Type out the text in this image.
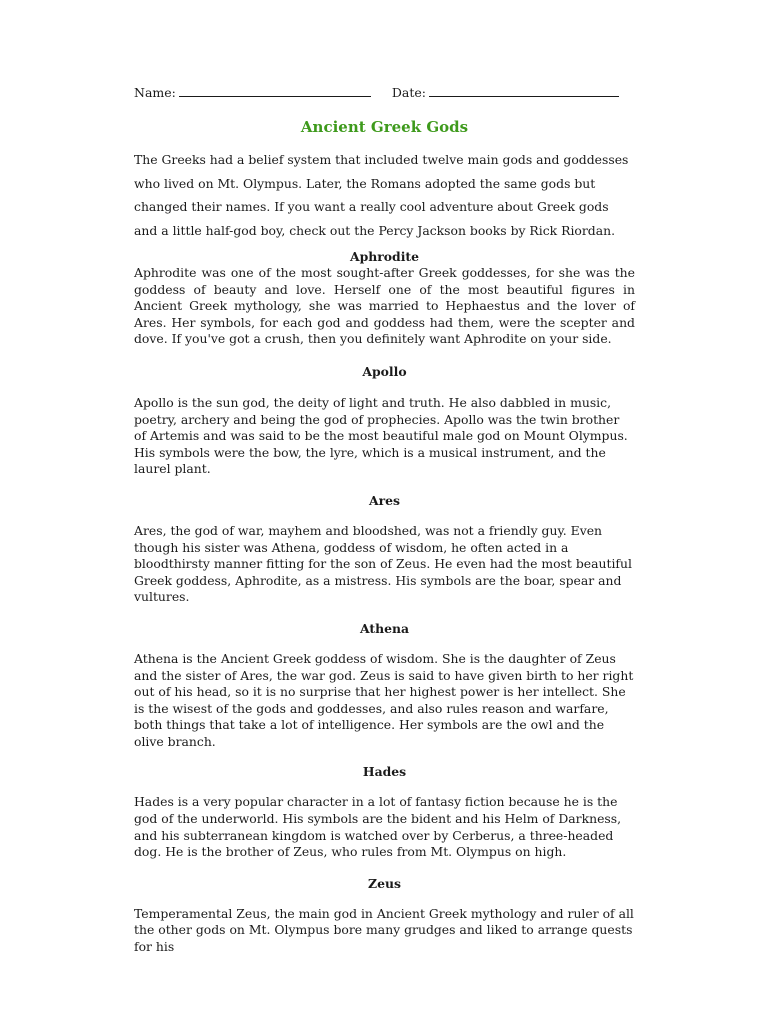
Name:	Date:
Ancient Greek Gods

The Greeks had a belief system that included twelve main gods and goddesses who lived on Mt. Olympus. Later, the Romans adopted the same gods but changed their names. If you want a really cool adventure about Greek gods and a little half-god boy, check out the Percy Jackson books by Rick Riordan.

Aphrodite

Aphrodite was one of the most sought-after Greek goddesses, for she was the goddess of beauty and love. Herself one of the most beautiful figures in Ancient Greek mythology, she was married to Hephaestus and the lover of Ares. Her symbols, for each god and goddess had them, were the scepter and dove. If you've got a crush, then you definitely want Aphrodite on your side.

Apollo

Apollo is the sun god, the deity of light and truth. He also dabbled in music, poetry, archery and being the god of prophecies. Apollo was the twin brother of Artemis and was said to be the most beautiful male god on Mount Olympus. His symbols were the bow, the lyre, which is a musical instrument, and the laurel plant.

Ares

Ares, the god of war, mayhem and bloodshed, was not a friendly guy. Even though his sister was Athena, goddess of wisdom, he often acted in a bloodthirsty manner fitting for the son of Zeus. He even had the most beautiful Greek goddess, Aphrodite, as a mistress. His symbols are the boar, spear and vultures.

Athena

Athena is the Ancient Greek goddess of wisdom. She is the daughter of Zeus and the sister of Ares, the war god. Zeus is said to have given birth to her right out of his head, so it is no surprise that her highest power is her intellect. She is the wisest of the gods and goddesses, and also rules reason and warfare, both things that take a lot of intelligence. Her symbols are the owl and the olive branch.

Hades

Hades is a very popular character in a lot of fantasy fiction because he is the god of the underworld. His symbols are the bident and his Helm of Darkness, and his subterranean kingdom is watched over by Cerberus, a three-headed dog. He is the brother of Zeus, who rules from Mt. Olympus on high.

Zeus

Temperamental Zeus, the main god in Ancient Greek mythology and ruler of all the other gods on Mt. Olympus bore many grudges and liked to arrange quests for his
